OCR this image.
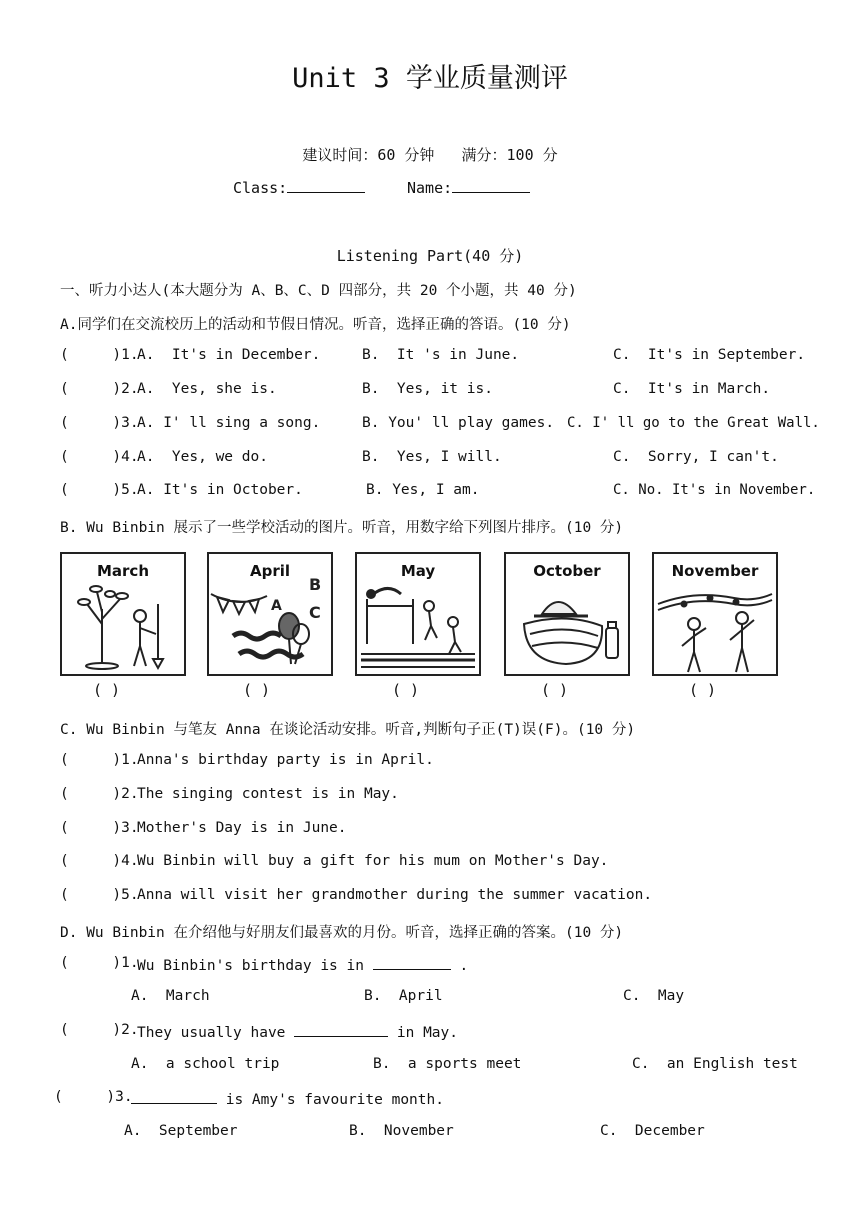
Unit 3 学业质量测评
建议时间：60 分钟   满分：100 分
Class:	Name:
Listening Part(40 分)
一、听力小达人(本大题分为 A、B、C、D 四部分，共 20 个小题，共 40 分)
A.同学们在交流校历上的活动和节假日情况。听音，选择正确的答语。(10 分)
(     )1.
A.  It's in December.	B.  It 's in June.	C.  It's in September.
(     )2.
A.  Yes, she is.	B.  Yes, it is.	C.  It's in March.
(     )3.
A. I' ll sing a song.	B. You' ll play games. C. I' ll go to the Great Wall.
(     )4.
A.  Yes, we do.	B.  Yes, I will.	C.  Sorry, I can't.
(     )5.
A. It's in October.	B. Yes, I am.	C. No. It's in November.
B. Wu Binbin 展示了一些学校活动的图片。听音，用数字给下列图片排序。(10 分)
March	April
B
A C
May	October	November
( )	( )	( )	( )	( )
C. Wu Binbin 与笔友 Anna 在谈论活动安排。听音,判断句子正(T)误(F)。(10 分)
(     )1.
Anna's birthday party is in April.
(     )2.
The singing contest is in May.
(     )3.
Mother's Day is in June.
(     )4.
Wu Binbin will buy a gift for his mum on Mother's Day.
(     )5.
Anna will visit her grandmother during the summer vacation.
D. Wu Binbin 在介绍他与好朋友们最喜欢的月份。听音，选择正确的答案。(10 分)
(     )1.
Wu Binbin's birthday is in	.
A.  March	B.  April	C.  May
(     )2.
They usually have	in May.
A.  a school trip	B.  a sports meet	C.  an English test
(     )3.	is Amy's favourite month.
A.  September	B.  November	C.  December
